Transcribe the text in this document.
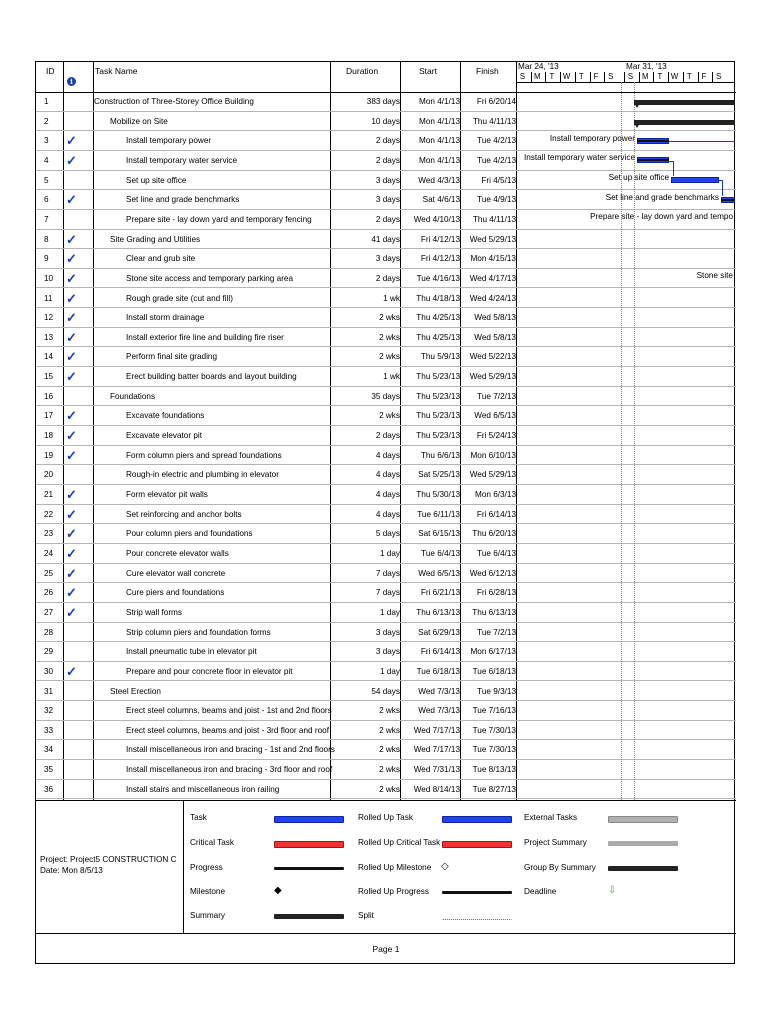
ID
i
Task Name	Duration	Start	Finish
1	Construction of Three-Storey Office Building	383 days	Mon 4/1/13	Fri 6/20/14
2	Mobilize on Site	10 days	Mon 4/1/13	Thu 4/11/13
3	✓	Install temporary power	2 days	Mon 4/1/13	Tue 4/2/13
4	✓	Install temporary water service	2 days	Mon 4/1/13	Tue 4/2/13
5	Set up site office	3 days	Wed 4/3/13	Fri 4/5/13
6	✓	Set line and grade benchmarks	3 days	Sat 4/6/13	Tue 4/9/13
7	Prepare site - lay down yard and temporary fencing	2 days	Wed 4/10/13	Thu 4/11/13
8	✓	Site Grading and Utilities	41 days	Fri 4/12/13	Wed 5/29/13
9	✓	Clear and grub site	3 days	Fri 4/12/13	Mon 4/15/13
10 ✓	Stone site access and temporary parking area	2 days	Tue 4/16/13	Wed 4/17/13
11	✓	Rough grade site (cut and fill)	1 wk	Thu 4/18/13	Wed 4/24/13
12 ✓	Install storm drainage	2 wks	Thu 4/25/13	Wed 5/8/13
13 ✓	Install exterior fire line and building fire riser	2 wks	Thu 4/25/13	Wed 5/8/13
14 ✓	Perform final site grading	2 wks	Thu 5/9/13	Wed 5/22/13
15 ✓	Erect building batter boards and layout building	1 wk	Thu 5/23/13	Wed 5/29/13
16	Foundations	35 days	Thu 5/23/13	Tue 7/2/13
17 ✓	Excavate foundations	2 wks	Thu 5/23/13	Wed 6/5/13
18 ✓	Excavate elevator pit	2 days	Thu 5/23/13	Fri 5/24/13
19 ✓	Form column piers and spread foundations	4 days	Thu 6/6/13	Mon 6/10/13
20	Rough-in electric and plumbing in elevator	4 days	Sat 5/25/13	Wed 5/29/13
21 ✓	Form elevator pit walls	4 days	Thu 5/30/13	Mon 6/3/13
22 ✓	Set reinforcing and anchor bolts	4 days	Tue 6/11/13	Fri 6/14/13
23 ✓	Pour column piers and foundations	5 days	Sat 6/15/13	Thu 6/20/13
24 ✓	Pour concrete elevator walls	1 day	Tue 6/4/13	Tue 6/4/13
25 ✓	Cure elevator wall concrete	7 days	Wed 6/5/13	Wed 6/12/13
26 ✓	Cure piers and foundations	7 days	Fri 6/21/13	Fri 6/28/13
27 ✓	Strip wall forms	1 day	Thu 6/13/13	Thu 6/13/13
28	Strip column piers and foundation forms	3 days	Sat 6/29/13	Tue 7/2/13
29	Install pneumatic tube in elevator pit	3 days	Fri 6/14/13	Mon 6/17/13
30 ✓	Prepare and pour concrete floor in elevator pit	1 day	Tue 6/18/13	Tue 6/18/13
31	Steel Erection	54 days	Wed 7/3/13	Tue 9/3/13
32	Erect steel columns, beams and joist - 1st and 2nd floors	2 wks	Wed 7/3/13	Tue 7/16/13
33	Erect steel columns, beams and joist - 3rd floor and roof	2 wks	Wed 7/17/13	Tue 7/30/13
34	Install miscellaneous iron and bracing - 1st and 2nd floors	2 wks	Wed 7/17/13	Tue 7/30/13
35	Install miscellaneous iron and bracing - 3rd floor and roof	2 wks	Wed 7/31/13	Tue 8/13/13
36	Install stairs and miscellaneous iron railing	2 wks	Wed 8/14/13	Tue 8/27/13
Mar 24, '13	Mar 31, '13
S	M	T	W	T	F	S	S	M	T	W	T	F	S
Install temporary power
Install temporary water service
Set up site office
Set line and grade benchmarks
Prepare site - lay down yard and tempo
Stone site
Project: Project5 CONSTRUCTION C
Date: Mon 8/5/13
Task
Critical Task
Progress
Milestone	◆
Summary
Rolled Up Task
Rolled Up Critical Task
Rolled Up Milestone ◇
Rolled Up Progress
Split
External Tasks
Project Summary
Group By Summary
Deadline	⇩
Page 1
